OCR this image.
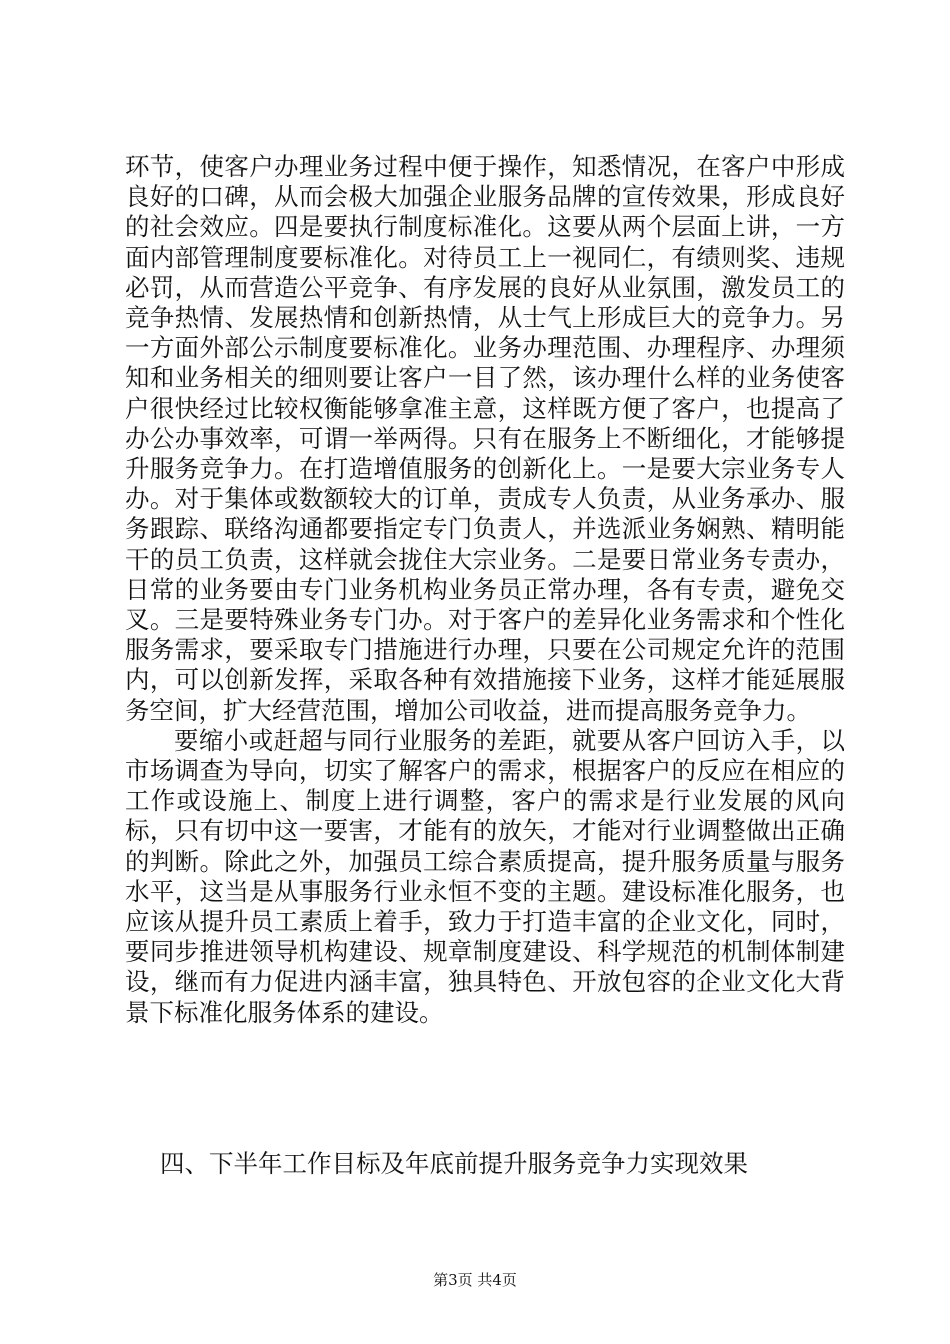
环节，使客户办理业务过程中便于操作，知悉情况，在客户中形成良好的口碑，从而会极大加强企业服务品牌的宣传效果，形成良好的社会效应。四是要执行制度标准化。这要从两个层面上讲，一方面内部管理制度要标准化。对待员工上一视同仁，有绩则奖、违规必罚，从而营造公平竞争、有序发展的良好从业氛围，激发员工的竞争热情、发展热情和创新热情，从士气上形成巨大的竞争力。另一方面外部公示制度要标准化。业务办理范围、办理程序、办理须知和业务相关的细则要让客户一目了然，该办理什么样的业务使客户很快经过比较权衡能够拿准主意，这样既方便了客户，也提高了办公办事效率，可谓一举两得。只有在服务上不断细化，才能够提升服务竞争力。在打造增值服务的创新化上。一是要大宗业务专人办。对于集体或数额较大的订单，责成专人负责，从业务承办、服务跟踪、联络沟通都要指定专门负责人，并选派业务娴熟、精明能干的员工负责，这样就会拢住大宗业务。二是要日常业务专责办，日常的业务要由专门业务机构业务员正常办理，各有专责，避免交叉。三是要特殊业务专门办。对于客户的差异化业务需求和个性化服务需求，要采取专门措施进行办理，只要在公司规定允许的范围内，可以创新发挥，采取各种有效措施接下业务，这样才能延展服务空间，扩大经营范围，增加公司收益，进而提高服务竞争力。

要缩小或赶超与同行业服务的差距，就要从客户回访入手，以市场调查为导向，切实了解客户的需求，根据客户的反应在相应的工作或设施上、制度上进行调整，客户的需求是行业发展的风向标，只有切中这一要害，才能有的放矢，才能对行业调整做出正确的判断。除此之外，加强员工综合素质提高，提升服务质量与服务水平，这当是从事服务行业永恒不变的主题。建设标准化服务，也应该从提升员工素质上着手，致力于打造丰富的企业文化，同时，要同步推进领导机构建设、规章制度建设、科学规范的机制体制建设，继而有力促进内涵丰富，独具特色、开放包容的企业文化大背景下标准化服务体系的建设。

四、下半年工作目标及年底前提升服务竞争力实现效果
第3页 共4页
